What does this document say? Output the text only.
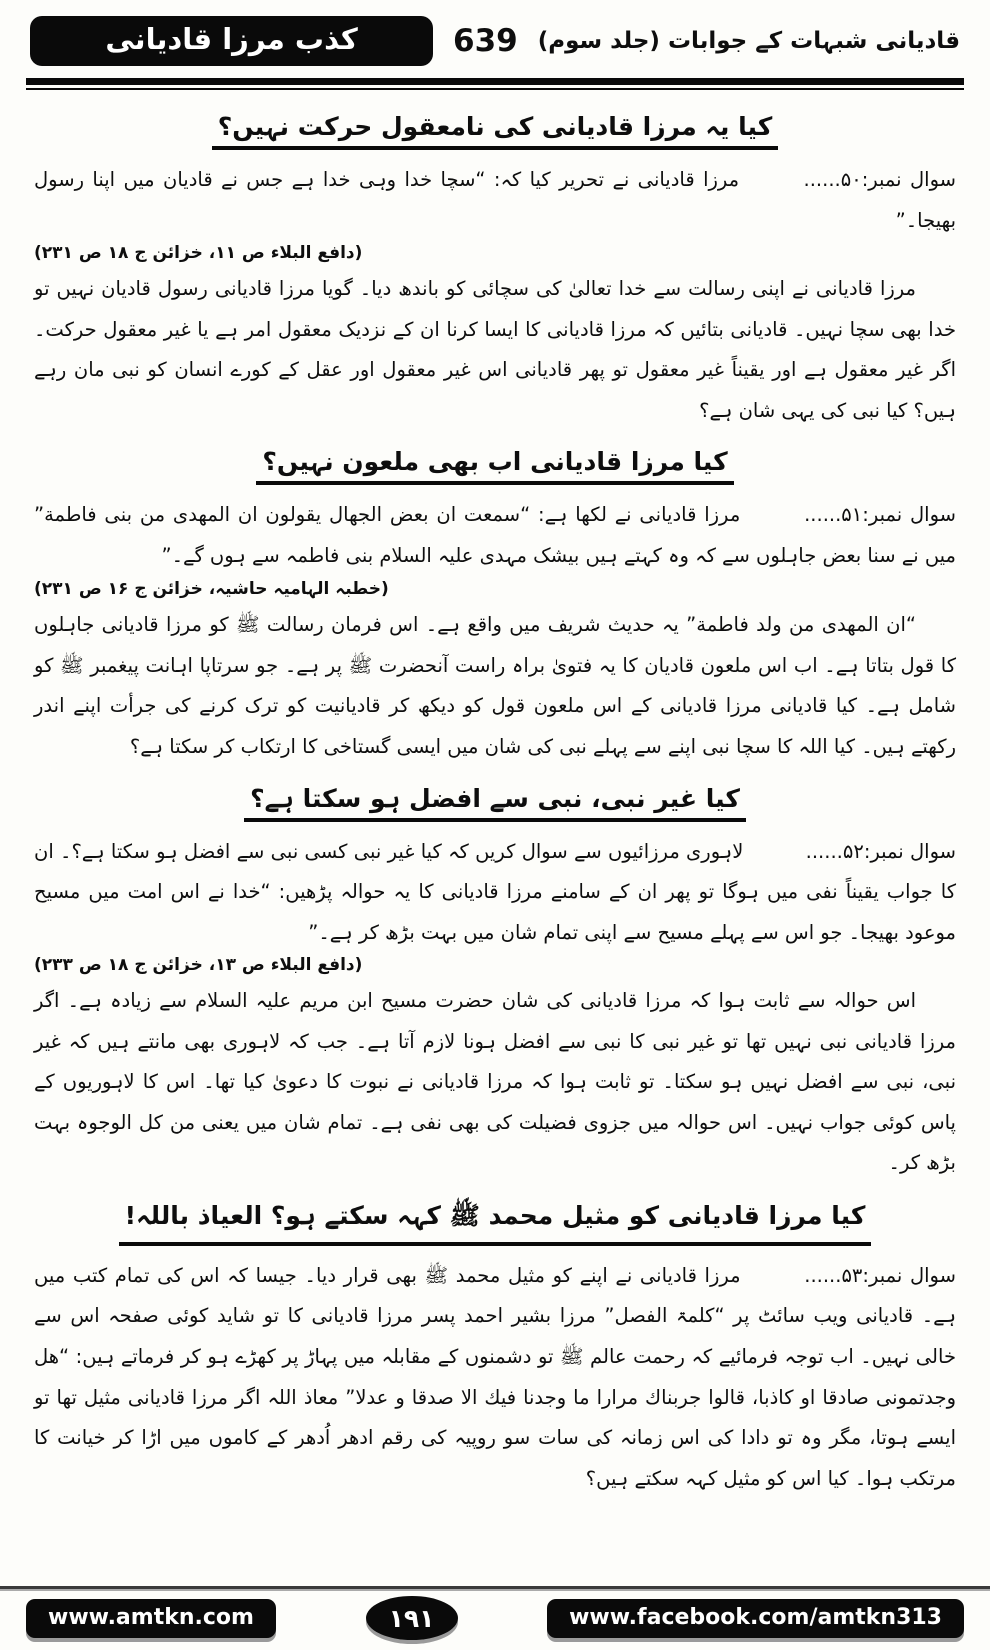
قادیانی شبہات کے جوابات (جلد سوم)
639
کذب مرزا قادیانی
کیا یہ مرزا قادیانی کی نامعقول حرکت نہیں؟

سوال نمبر:۵۰...... مرزا قادیانی نے تحریر کیا کہ: “سچا خدا وہی خدا ہے جس نے قادیان میں اپنا رسول بھیجا۔”

(دافع البلاء ص ۱۱، خزائن ج ۱۸ ص ۲۳۱)

مرزا قادیانی نے اپنی رسالت سے خدا تعالیٰ کی سچائی کو باندھ دیا۔ گویا مرزا قادیانی رسول قادیان نہیں تو خدا بھی سچا نہیں۔ قادیانی بتائیں کہ مرزا قادیانی کا ایسا کرنا ان کے نزدیک معقول امر ہے یا غیر معقول حرکت۔ اگر غیر معقول ہے اور یقیناً غیر معقول تو پھر قادیانی اس غیر معقول اور عقل کے کورے انسان کو نبی مان رہے ہیں؟ کیا نبی کی یہی شان ہے؟

کیا مرزا قادیانی اب بھی ملعون نہیں؟

سوال نمبر:۵۱...... مرزا قادیانی نے لکھا ہے: “سمعت ان بعض الجهال يقولون ان المهدى من بنى فاطمة” میں نے سنا بعض جاہلوں سے کہ وہ کہتے ہیں بیشک مہدی علیہ السلام بنی فاطمہ سے ہوں گے۔”

(خطبہ الہامیہ حاشیہ، خزائن ج ۱۶ ص ۲۳۱)

“ان المهدى من ولد فاطمة” یہ حدیث شریف میں واقع ہے۔ اس فرمان رسالت ﷺ کو مرزا قادیانی جاہلوں کا قول بتاتا ہے۔ اب اس ملعون قادیان کا یہ فتویٰ براہ راست آنحضرت ﷺ پر ہے۔ جو سرتاپا اہانت پیغمبر ﷺ کو شامل ہے۔ کیا قادیانی مرزا قادیانی کے اس ملعون قول کو دیکھ کر قادیانیت کو ترک کرنے کی جرأت اپنے اندر رکھتے ہیں۔ کیا اللہ کا سچا نبی اپنے سے پہلے نبی کی شان میں ایسی گستاخی کا ارتکاب کر سکتا ہے؟

کیا غیر نبی، نبی سے افضل ہو سکتا ہے؟

سوال نمبر:۵۲...... لاہوری مرزائیوں سے سوال کریں کہ کیا غیر نبی کسی نبی سے افضل ہو سکتا ہے؟۔ ان کا جواب یقیناً نفی میں ہوگا تو پھر ان کے سامنے مرزا قادیانی کا یہ حوالہ پڑھیں: “خدا نے اس امت میں مسیح موعود بھیجا۔ جو اس سے پہلے مسیح سے اپنی تمام شان میں بہت بڑھ کر ہے۔”

(دافع البلاء ص ۱۳، خزائن ج ۱۸ ص ۲۳۳)

اس حوالہ سے ثابت ہوا کہ مرزا قادیانی کی شان حضرت مسیح ابن مریم علیہ السلام سے زیادہ ہے۔ اگر مرزا قادیانی نبی نہیں تھا تو غیر نبی کا نبی سے افضل ہونا لازم آتا ہے۔ جب کہ لاہوری بھی مانتے ہیں کہ غیر نبی، نبی سے افضل نہیں ہو سکتا۔ تو ثابت ہوا کہ مرزا قادیانی نے نبوت کا دعویٰ کیا تھا۔ اس کا لاہوریوں کے پاس کوئی جواب نہیں۔ اس حوالہ میں جزوی فضیلت کی بھی نفی ہے۔ تمام شان میں یعنی من کل الوجوہ بہت بڑھ کر۔

کیا مرزا قادیانی کو مثیل محمد ﷺ کہہ سکتے ہو؟ العیاذ باللہ!

سوال نمبر:۵۳...... مرزا قادیانی نے اپنے کو مثیل محمد ﷺ بھی قرار دیا۔ جیسا کہ اس کی تمام کتب میں ہے۔ قادیانی ویب سائٹ پر “کلمۃ الفصل” مرزا بشیر احمد پسر مرزا قادیانی کا تو شاید کوئی صفحہ اس سے خالی نہیں۔ اب توجہ فرمائیے کہ رحمت عالم ﷺ تو دشمنوں کے مقابلہ میں پہاڑ پر کھڑے ہو کر فرماتے ہیں: “هل وجدتمونی صادقا او کاذبا، قالوا جربناك مرارا ما وجدنا فيك الا صدقا و عدلا” معاذ اللہ اگر مرزا قادیانی مثیل تھا تو ایسے ہوتا، مگر وہ تو دادا کی اس زمانہ کی سات سو روپیہ کی رقم ادھر اُدھر کے کاموں میں اڑا کر خیانت کا مرتکب ہوا۔ کیا اس کو مثیل کہہ سکتے ہیں؟

www.amtkn.com	۱۹۱	www.facebook.com/amtkn313
